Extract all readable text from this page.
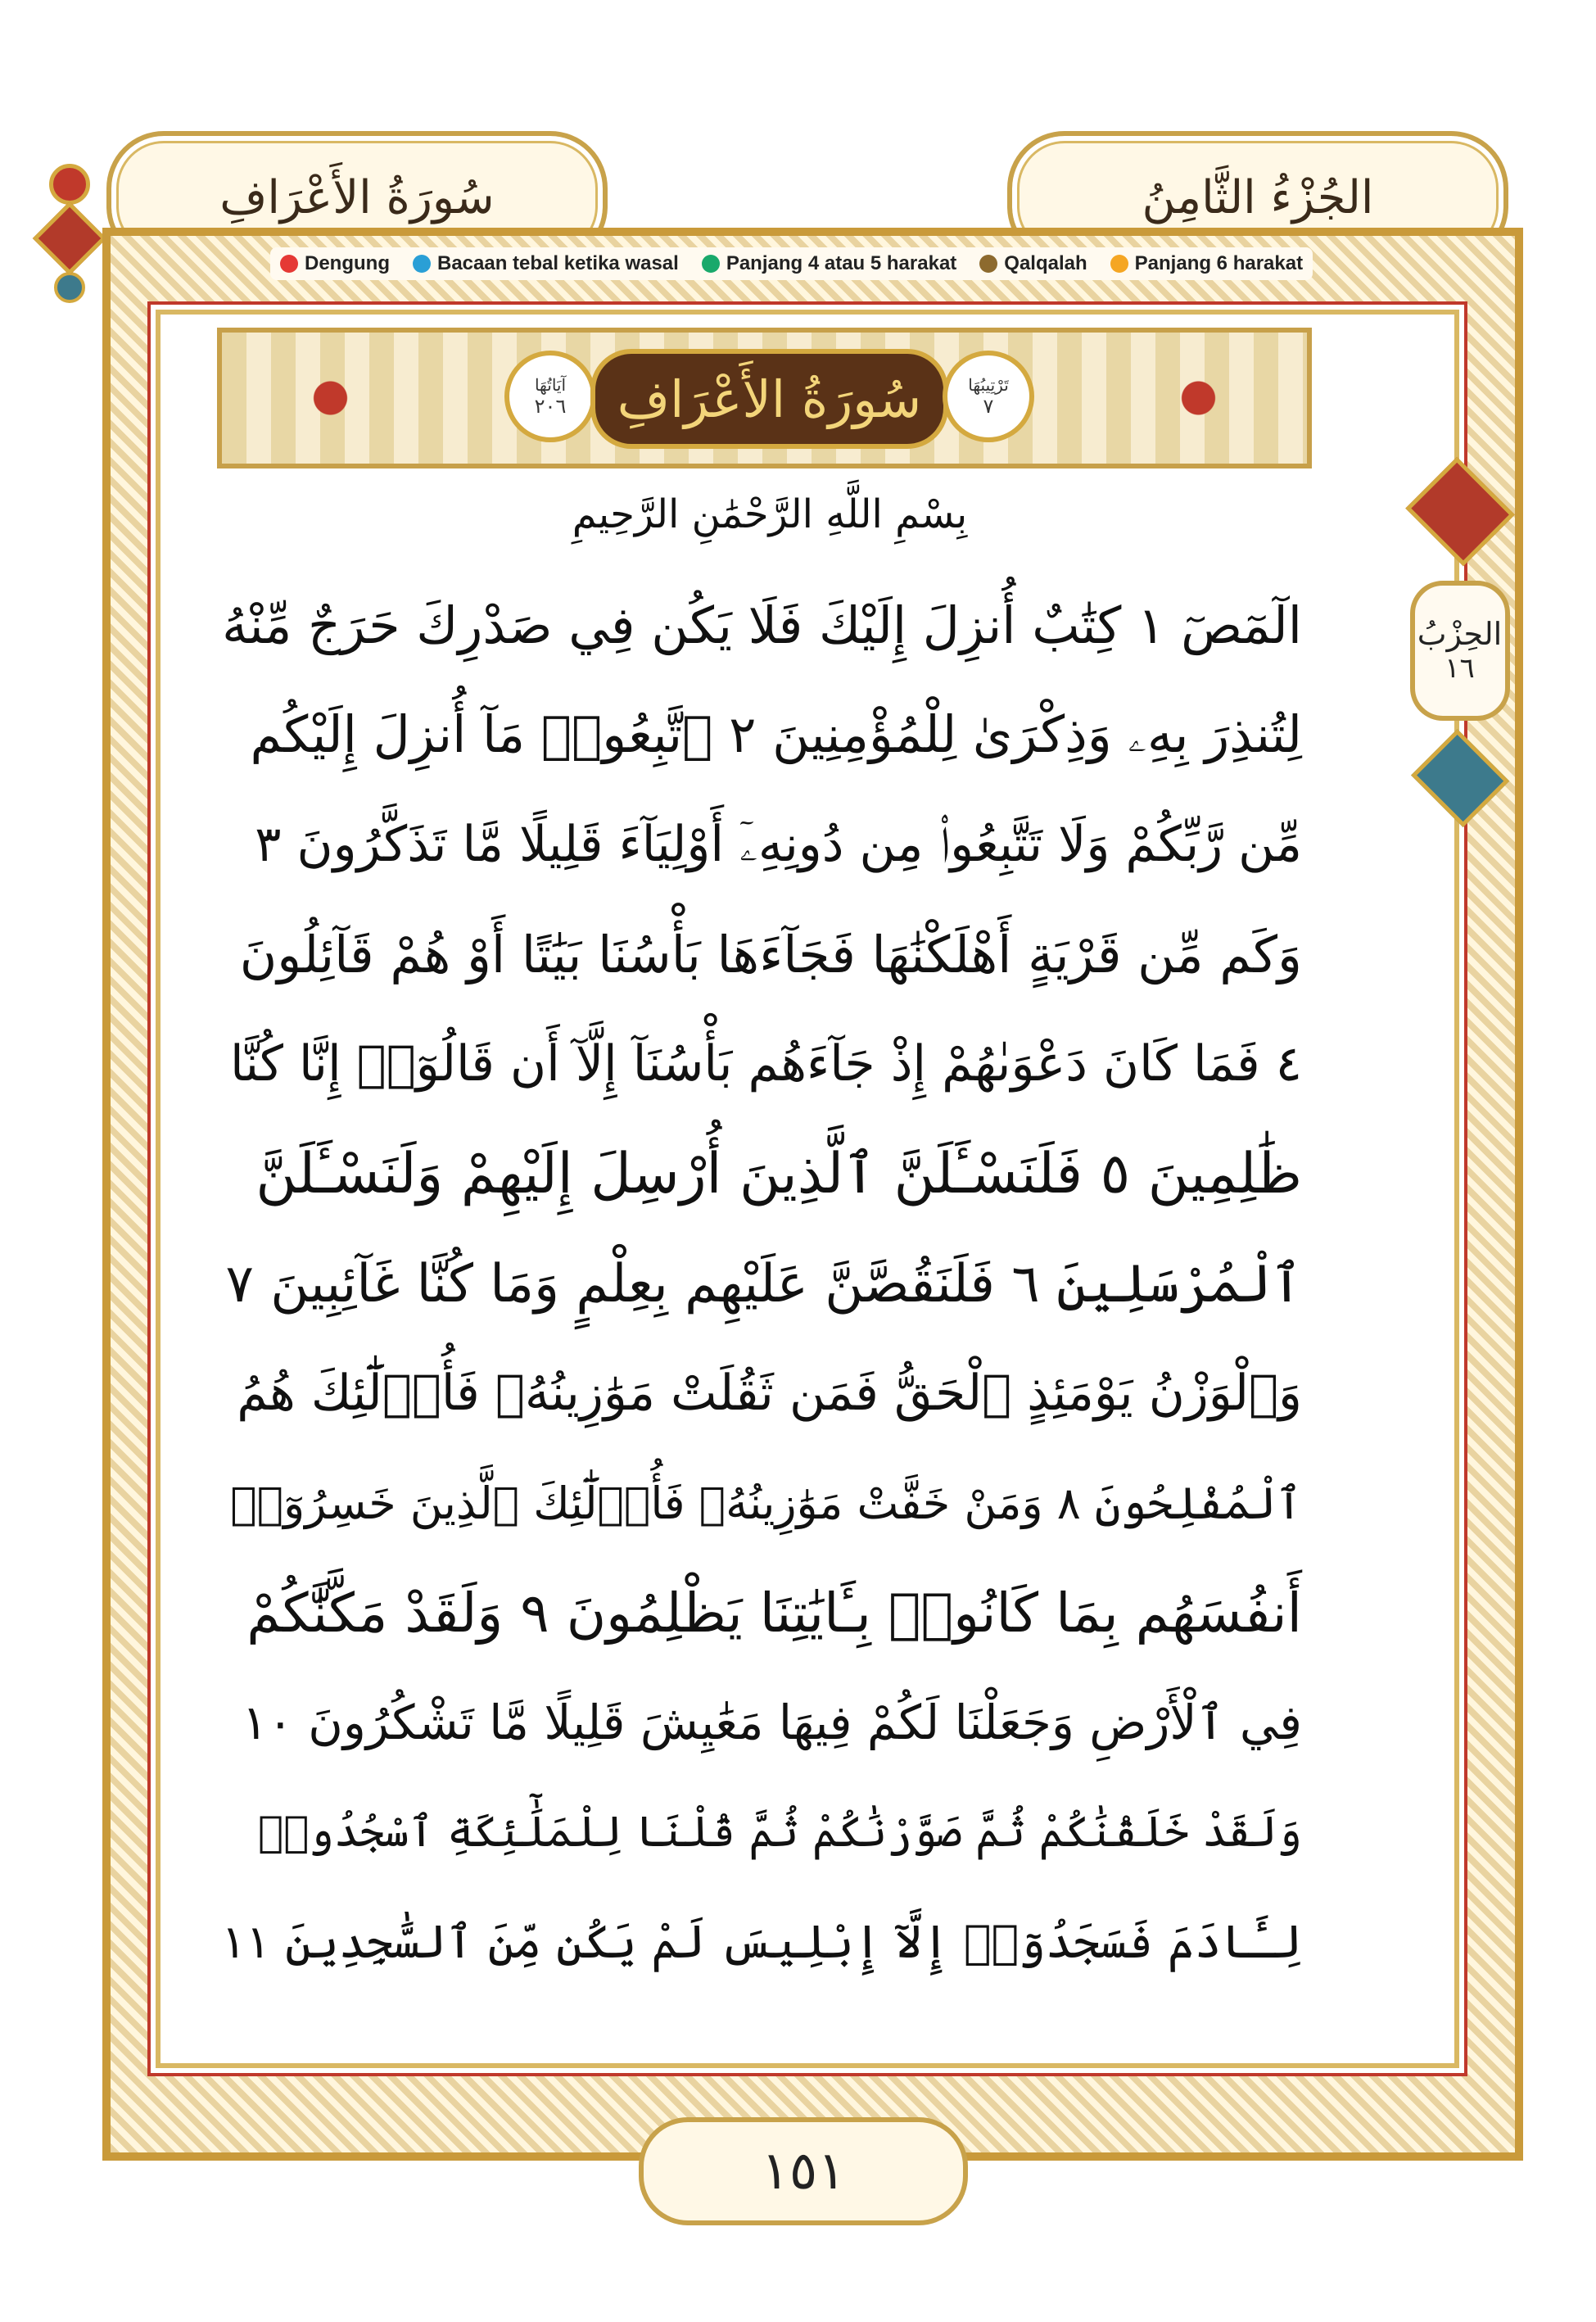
سُورَةُ الأَعْرَافِ	الجُزْءُ الثَّامِنُ
Dengung Bacaan tebal ketika wasal Panjang 4 atau 5 harakat Qalqalah Panjang 6 harakat
آيَاتُهَا
٢٠٦ سُورَةُ الأَعْرَافِ	تَرْتِيبُهَا
٧
بِسْمِ اللَّهِ الرَّحْمَٰنِ الرَّحِيمِ
الٓمٓصٓ ١ كِتَٰبٌ أُنزِلَ إِلَيْكَ فَلَا يَكُن فِي صَدْرِكَ حَرَجٌ مِّنْهُ
لِتُنذِرَ بِهِۦ وَذِكْرَىٰ لِلْمُؤْمِنِينَ ٢ ٱتَّبِعُوا۟ مَآ أُنزِلَ إِلَيْكُم
مِّن رَّبِّكُمْ وَلَا تَتَّبِعُوا۟ مِن دُونِهِۦٓ أَوْلِيَآءَ قَلِيلًا مَّا تَذَكَّرُونَ ٣
وَكَم مِّن قَرْيَةٍ أَهْلَكْنَٰهَا فَجَآءَهَا بَأْسُنَا بَيَٰتًا أَوْ هُمْ قَآئِلُونَ
٤ فَمَا كَانَ دَعْوَىٰهُمْ إِذْ جَآءَهُم بَأْسُنَآ إِلَّآ أَن قَالُوٓا۟ إِنَّا كُنَّا
ظَٰلِمِينَ ٥ فَلَنَسْـَٔلَنَّ ٱلَّذِينَ أُرْسِلَ إِلَيْهِمْ وَلَنَسْـَٔلَنَّ
ٱلْمُرْسَلِينَ ٦ فَلَنَقُصَّنَّ عَلَيْهِم بِعِلْمٍ وَمَا كُنَّا غَآئِبِينَ ٧
وَٱلْوَزْنُ يَوْمَئِذٍ ٱلْحَقُّ فَمَن ثَقُلَتْ مَوَٰزِينُهُۥ فَأُو۟لَٰٓئِكَ هُمُ
ٱلْمُفْلِحُونَ ٨ وَمَنْ خَفَّتْ مَوَٰزِينُهُۥ فَأُو۟لَٰٓئِكَ ٱلَّذِينَ خَسِرُوٓا۟
أَنفُسَهُم بِمَا كَانُوا۟ بِـَٔايَٰتِنَا يَظْلِمُونَ ٩ وَلَقَدْ مَكَّنَّٰكُمْ
فِي ٱلْأَرْضِ وَجَعَلْنَا لَكُمْ فِيهَا مَعَٰيِشَ قَلِيلًا مَّا تَشْكُرُونَ ١٠
وَلَقَدْ خَلَقْنَٰكُمْ ثُمَّ صَوَّرْنَٰكُمْ ثُمَّ قُلْنَا لِلْمَلَٰٓئِكَةِ ٱسْجُدُوا۟
لِـَٔادَمَ فَسَجَدُوٓا۟ إِلَّآ إِبْلِيسَ لَمْ يَكُن مِّنَ ٱلسَّٰجِدِينَ ١١
الحِزْبُ
١٦
١٥١
